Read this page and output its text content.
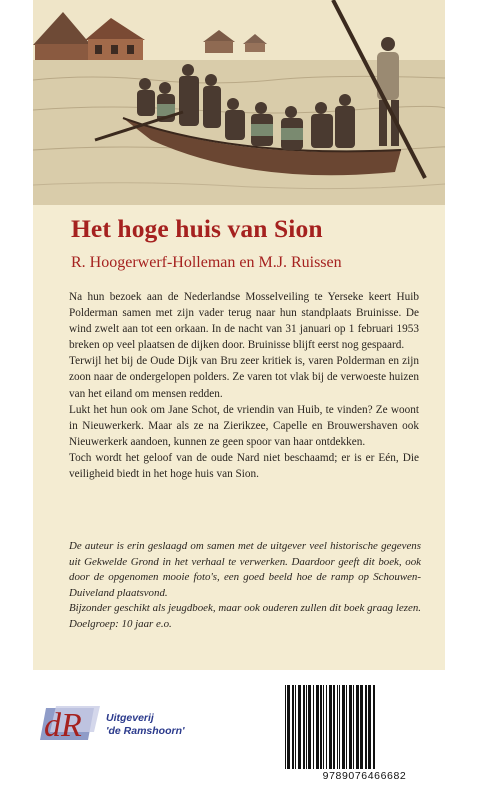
Het hoge huis van Sion
R. Hoogerwerf-Holleman en M.J. Ruissen

Na hun bezoek aan de Nederlandse Mosselveiling te Yerseke keert Huib Polderman samen met zijn vader terug naar hun standplaats Bruinisse. De wind zwelt aan tot een orkaan. In de nacht van 31 januari op 1 februari 1953 breken op veel plaatsen de dijken door. Bruinisse blijft eerst nog gespaard.

Terwijl het bij de Oude Dijk van Bru zeer kritiek is, varen Polderman en zijn zoon naar de ondergelopen polders. Ze varen tot vlak bij de verwoeste huizen van het eiland om mensen redden.

Lukt het hun ook om Jane Schot, de vriendin van Huib, te vinden? Ze woont in Nieuwerkerk. Maar als ze na Zierikzee, Capelle en Brouwershaven ook Nieuwerkerk aandoen, kunnen ze geen spoor van haar ontdekken.

Toch wordt het geloof van de oude Nard niet beschaamd; er is er Eén, Die veiligheid biedt in het hoge huis van Sion.

De auteur is erin geslaagd om samen met de uitgever veel historische gegevens uit Gekwelde Grond in het verhaal te verwerken. Daardoor geeft dit boek, ook door de opgenomen mooie foto's, een goed beeld hoe de ramp op Schouwen-Duiveland plaatsvond.

Bijzonder geschikt als jeugdboek, maar ook ouderen zullen dit boek graag lezen. Doelgroep: 10 jaar e.o.

dR Uitgeverij
'de Ramshoorn'
9789076466682
